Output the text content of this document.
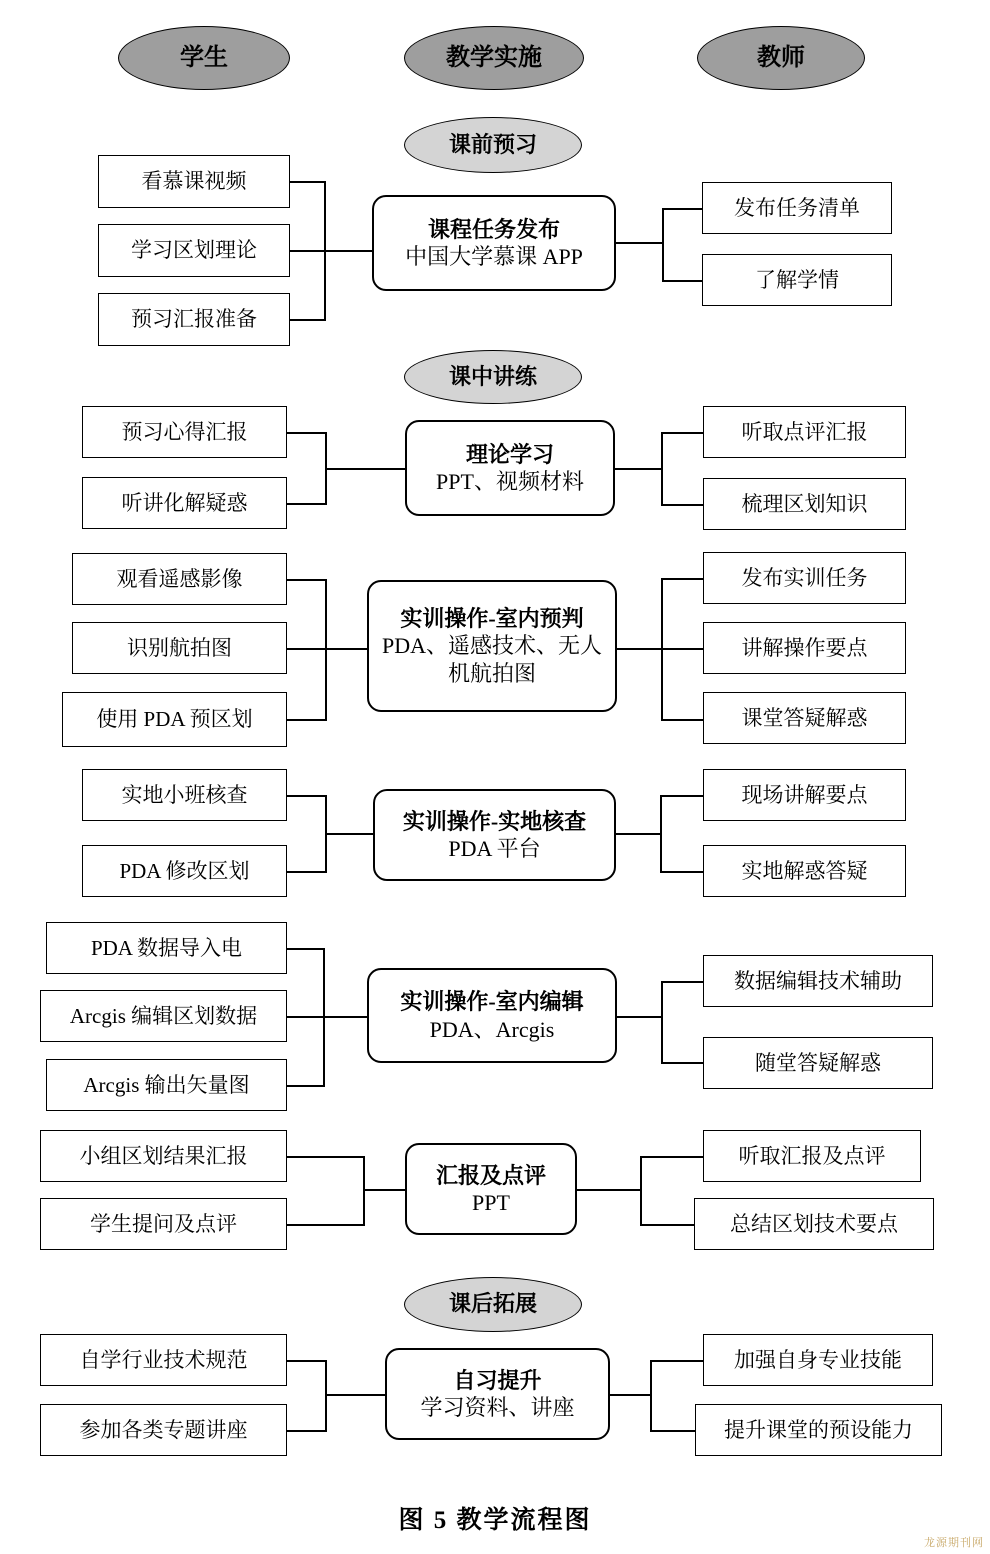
学生	教学实施	教师
课前预习
看慕课视频
学习区划理论
预习汇报准备
课程任务发布
中国大学慕课 APP
发布任务清单
了解学情
课中讲练
预习心得汇报
听讲化解疑惑
理论学习
PPT、视频材料
听取点评汇报
梳理区划知识
观看遥感影像
识别航拍图
使用 PDA 预区划
实训操作-室内预判
PDA、遥感技术、无人机航拍图
发布实训任务
讲解操作要点
课堂答疑解惑
实地小班核查
PDA 修改区划
实训操作-实地核查
PDA 平台
现场讲解要点
实地解惑答疑
PDA 数据导入电
Arcgis 编辑区划数据
Arcgis 输出矢量图
实训操作-室内编辑
PDA、Arcgis
数据编辑技术辅助
随堂答疑解惑
小组区划结果汇报
学生提问及点评
汇报及点评
PPT
听取汇报及点评
总结区划技术要点
课后拓展
自学行业技术规范
参加各类专题讲座
自习提升
学习资料、讲座
加强自身专业技能
提升课堂的预设能力
图 5 教学流程图
龙源期刊网
